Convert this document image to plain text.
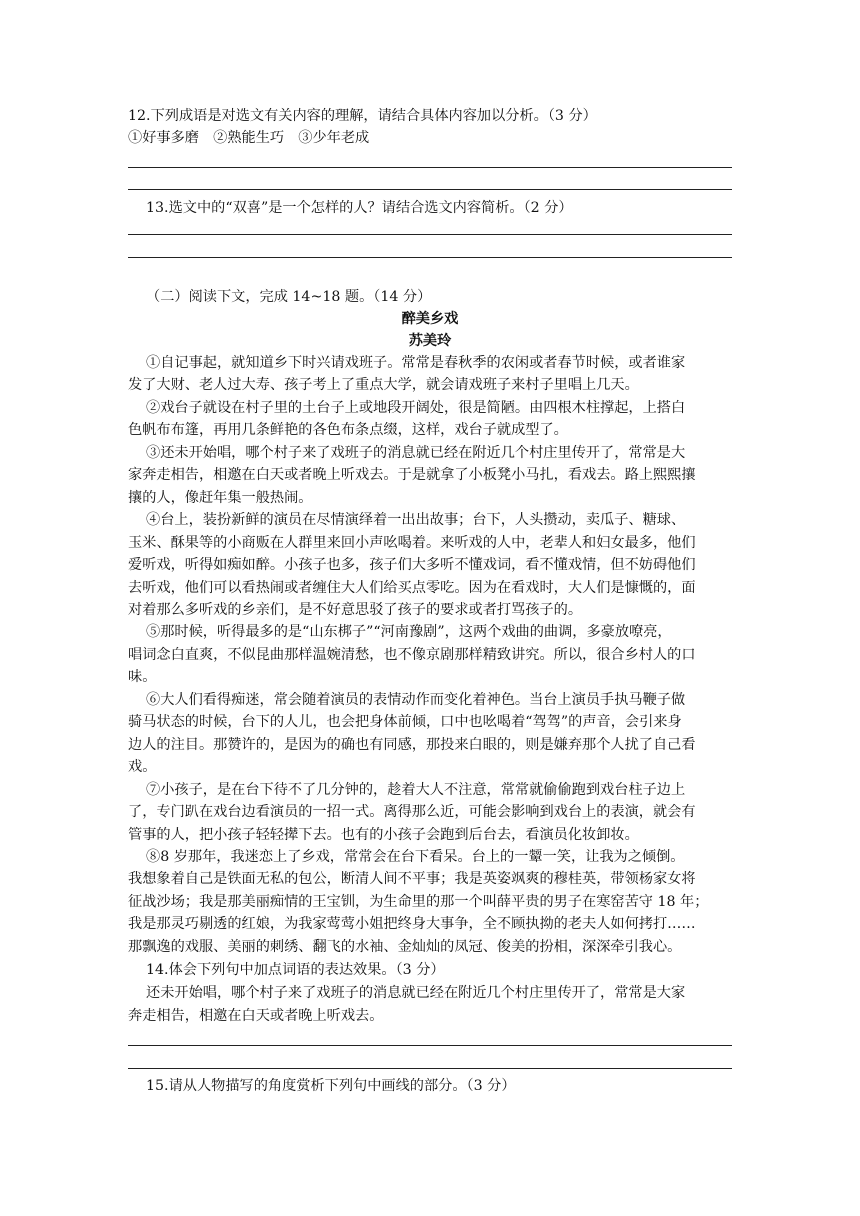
12.下列成语是对选文有关内容的理解，请结合具体内容加以分析。（3 分）
①好事多磨　②熟能生巧　③少年老成
13.选文中的“双喜”是一个怎样的人？请结合选文内容简析。（2 分）
（二）阅读下文，完成 14~18 题。（14 分）
醉美乡戏
苏美玲
①自记事起，就知道乡下时兴请戏班子。常常是春秋季的农闲或者春节时候，或者谁家
发了大财、老人过大寿、孩子考上了重点大学，就会请戏班子来村子里唱上几天。
②戏台子就设在村子里的土台子上或地段开阔处，很是简陋。由四根木柱撑起，上搭白
色帆布布篷，再用几条鲜艳的各色布条点缀，这样，戏台子就成型了。
③还未开始唱，哪个村子来了戏班子的消息就已经在附近几个村庄里传开了，常常是大
家奔走相告，相邀在白天或者晚上听戏去。于是就拿了小板凳小马扎，看戏去。路上熙熙攘
攘的人，像赶年集一般热闹。
④台上，装扮新鲜的演员在尽情演绎着一出出故事；台下，人头攒动，卖瓜子、糖球、
玉米、酥果等的小商贩在人群里来回小声吆喝着。来听戏的人中，老辈人和妇女最多，他们
爱听戏，听得如痴如醉。小孩子也多，孩子们大多听不懂戏词，看不懂戏情，但不妨碍他们
去听戏，他们可以看热闹或者缠住大人们给买点零吃。因为在看戏时，大人们是慷慨的，面
对着那么多听戏的乡亲们，是不好意思驳了孩子的要求或者打骂孩子的。
⑤那时候，听得最多的是“山东梆子”“河南豫剧”，这两个戏曲的曲调，多豪放嘹亮，
唱词念白直爽，不似昆曲那样温婉清愁，也不像京剧那样精致讲究。所以，很合乡村人的口
味。
⑥大人们看得痴迷，常会随着演员的表情动作而变化着神色。当台上演员手执马鞭子做
骑马状态的时候，台下的人儿，也会把身体前倾，口中也吆喝着“驾驾”的声音，会引来身
边人的注目。那赞许的，是因为的确也有同感，那投来白眼的，则是嫌弃那个人扰了自己看
戏。
⑦小孩子，是在台下待不了几分钟的，趁着大人不注意，常常就偷偷跑到戏台柱子边上
了，专门趴在戏台边看演员的一招一式。离得那么近，可能会影响到戏台上的表演，就会有
管事的人，把小孩子轻轻撵下去。也有的小孩子会跑到后台去，看演员化妆卸妆。
⑧8 岁那年，我迷恋上了乡戏，常常会在台下看呆。台上的一颦一笑，让我为之倾倒。
我想象着自己是铁面无私的包公，断清人间不平事；我是英姿飒爽的穆桂英，带领杨家女将
征战沙场；我是那美丽痴情的王宝钏，为生命里的那一个叫薛平贵的男子在寒窑苦守 18 年；
我是那灵巧剔透的红娘，为我家莺莺小姐把终身大事争，全不顾执拗的老夫人如何拷打……
那飘逸的戏服、美丽的刺绣、翻飞的水袖、金灿灿的凤冠、俊美的扮相，深深牵引我心。
14.体会下列句中加点词语的表达效果。（3 分）
还未开始唱，哪个村子来了戏班子的消息就已经在附近几个村庄里传开了，常常是大家
奔走相告，相邀在白天或者晚上听戏去。
15.请从人物描写的角度赏析下列句中画线的部分。（3 分）
